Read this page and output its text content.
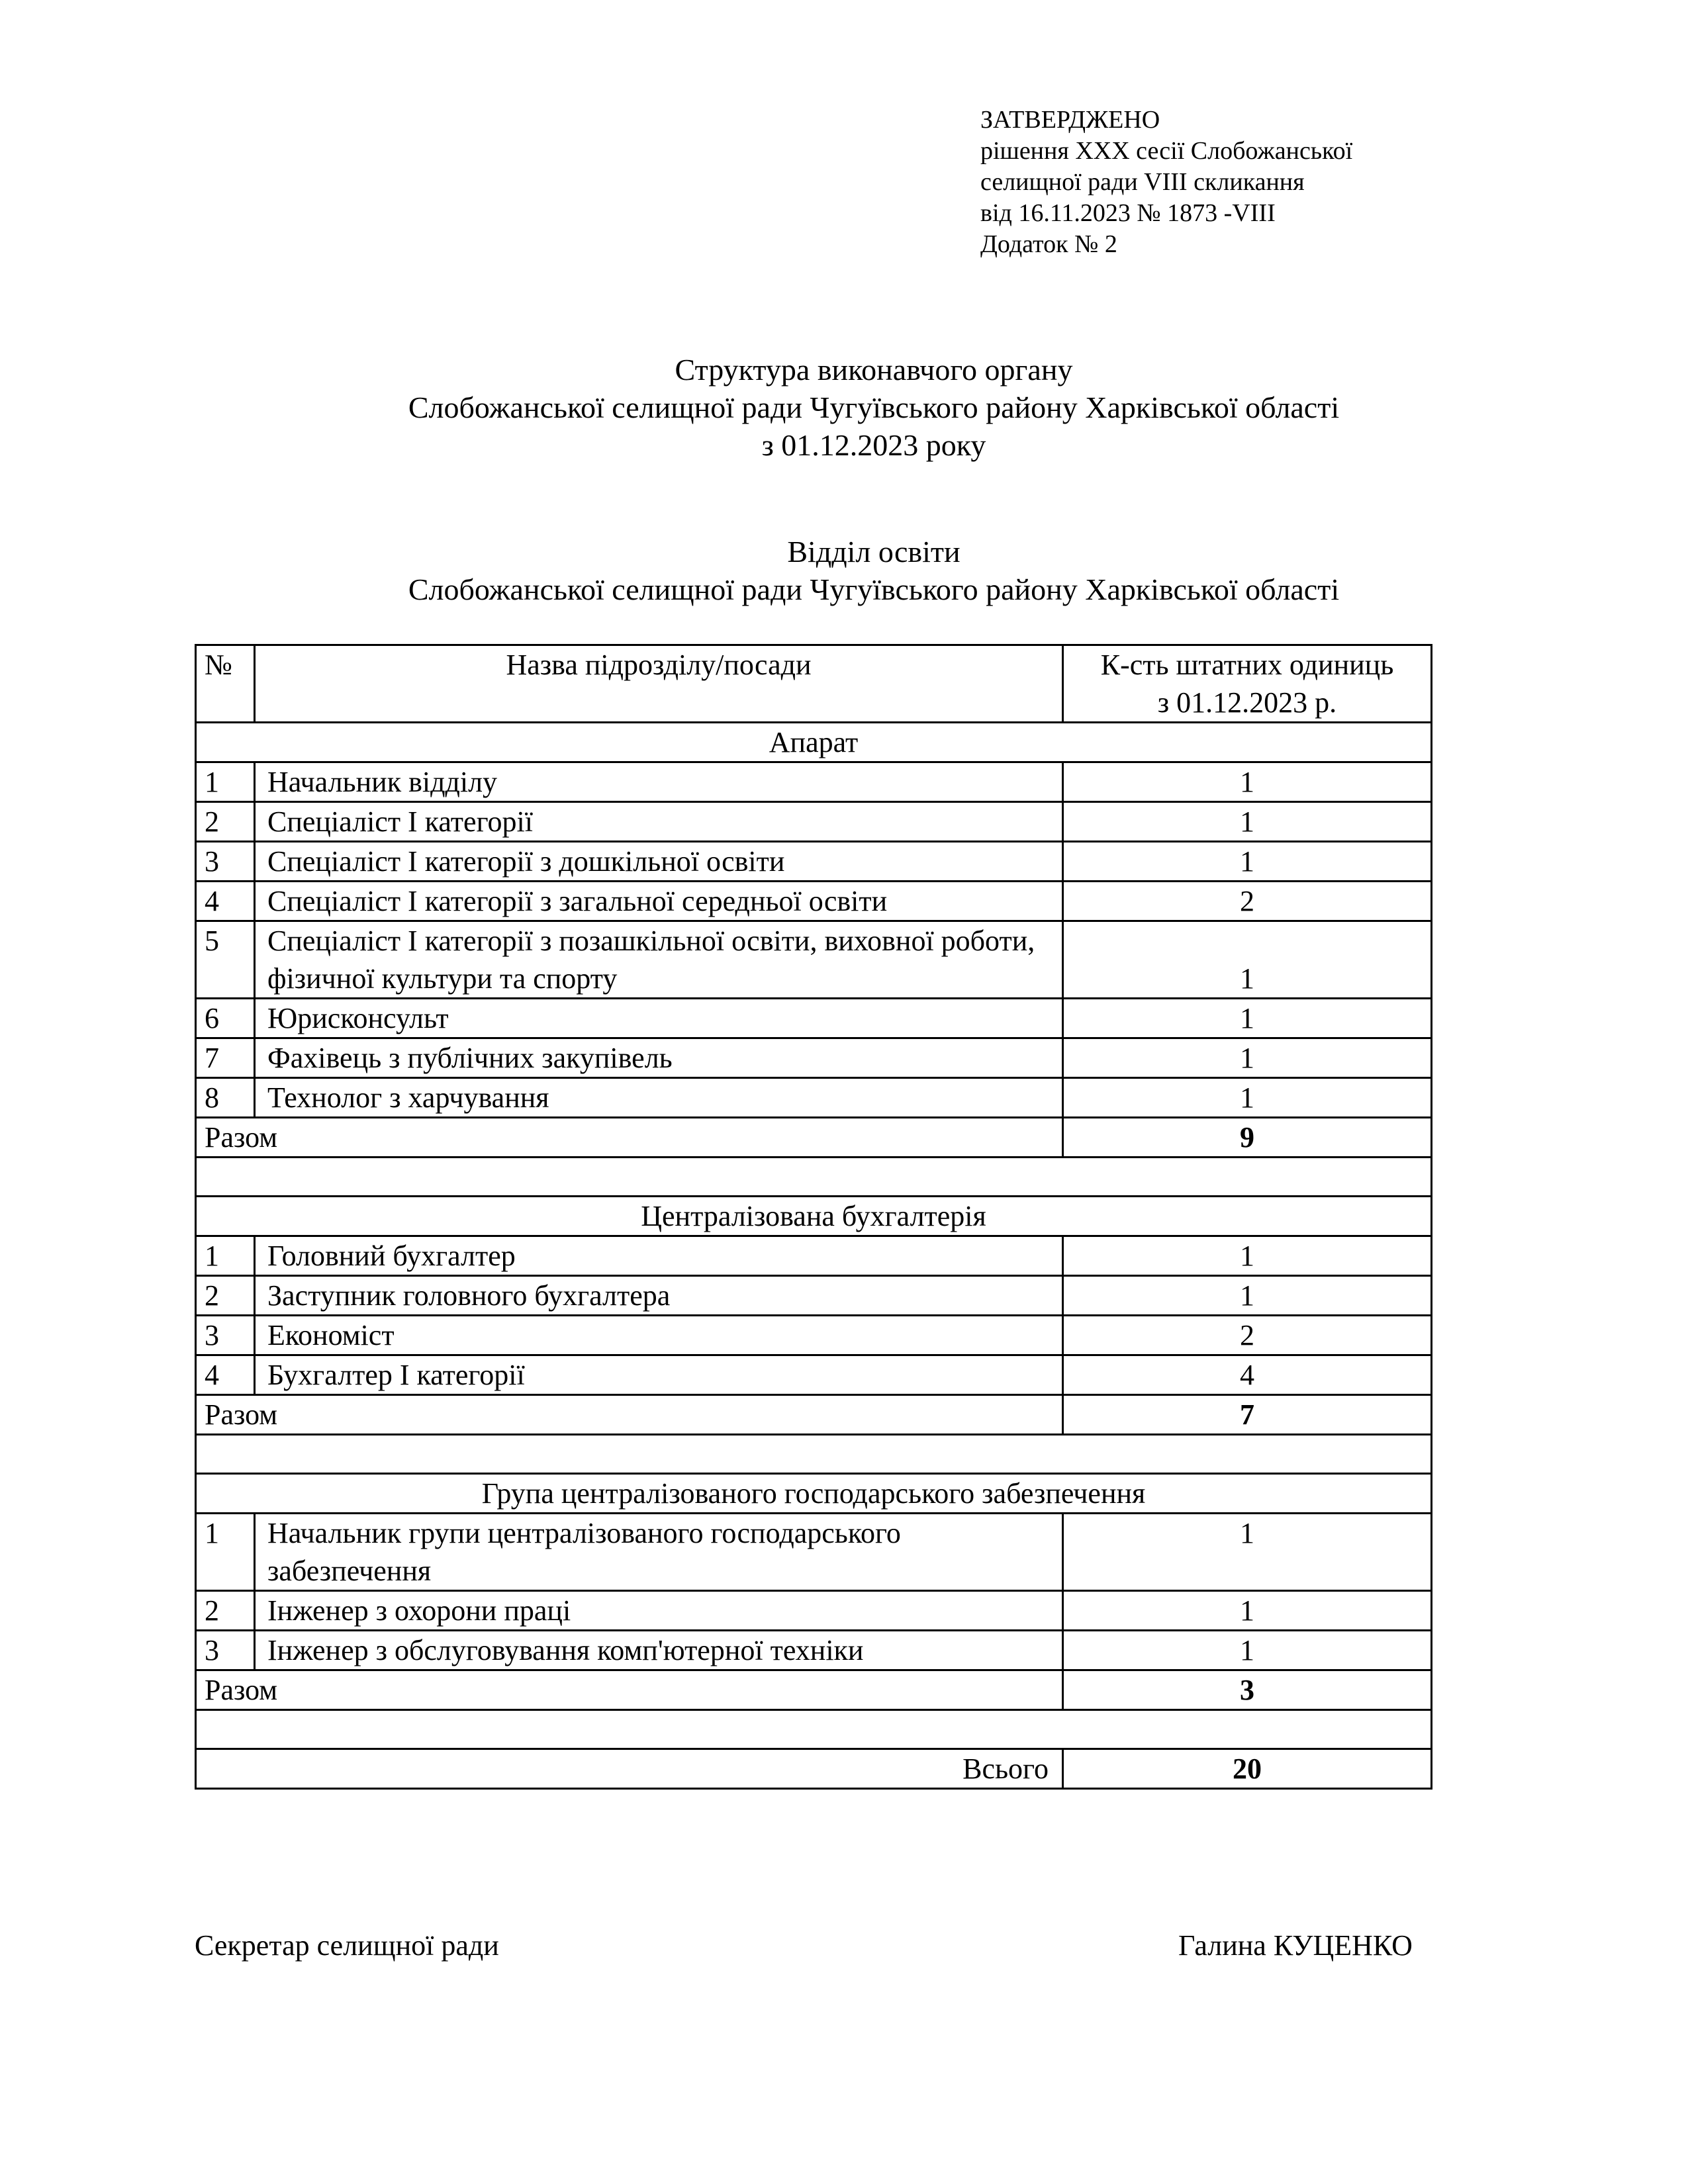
ЗАТВЕРДЖЕНО
рішення ХХХ сесії Слобожанської
селищної ради VIII скликання
від 16.11.2023 № 1873 -VIII
Додаток № 2
Структура виконавчого органу
Слобожанської селищної ради Чугуївського району Харківської області
з 01.12.2023 року
Відділ освіти
Слобожанської селищної ради Чугуївського району Харківської області
№	Назва підрозділу/посади	К-сть штатних одиниць
з 01.12.2023 р.

Апарат		
1	Начальник відділу	1
2	Спеціаліст І категорії	1
3	Спеціаліст І категорії з дошкільної освіти	1
4	Спеціаліст І категорії з загальної середньої освіти	2
5	Спеціаліст І категорії з позашкільної освіти, виховної роботи, фізичної культури та спорту	1
6	Юрисконсульт	1
7	Фахівець з публічних закупівель	1
8	Технолог з харчування	1
Разом		9

Централізована бухгалтерія		
1	Головний бухгалтер	1
2	Заступник головного бухгалтера	1
3	Економіст	2
4	Бухгалтер І категорії	4
Разом		7

Група централізованого господарського забезпечення		
1	Начальник групи централізованого господарського забезпечення	1
2	Інженер з охорони праці	1
3	Інженер з обслуговування комп'ютерної техніки	1
Разом		3

Всього		20
Секретар селищної ради	Галина КУЦЕНКО
